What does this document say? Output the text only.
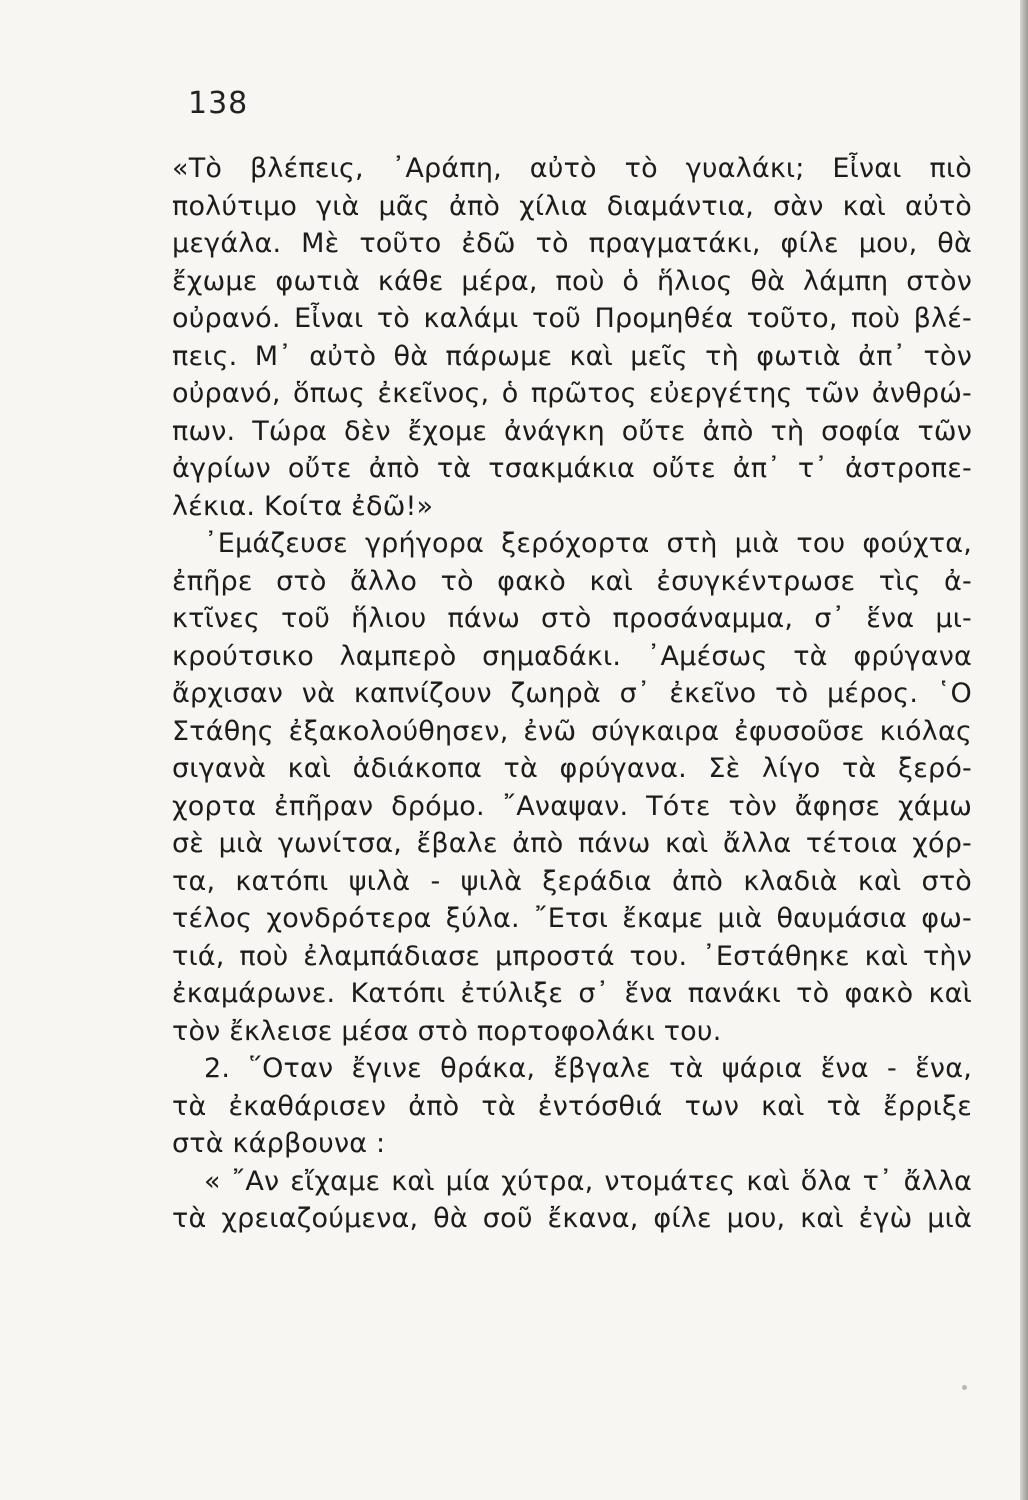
138
«Τὸ βλέπεις, ᾿Αράπη, αὐτὸ τὸ γυαλάκι; Εἶναι πιὸ
πολύτιμο γιὰ μᾶς ἀπὸ χίλια διαμάντια, σὰν καὶ αὐτὸ
μεγάλα. Μὲ τοῦτο ἐδῶ τὸ πραγματάκι, φίλε μου, θὰ
ἔχωμε φωτιὰ κάθε μέρα, ποὺ ὁ ἥλιος θὰ λάμπη στὸν
οὐρανό. Εἶναι τὸ καλάμι τοῦ Προμηθέα τοῦτο, ποὺ βλέ-
πεις. Μ᾿ αὐτὸ θὰ πάρωμε καὶ μεῖς τὴ φωτιὰ ἀπ᾿ τὸν
οὐρανό, ὅπως ἐκεῖνος, ὁ πρῶτος εὐεργέτης τῶν ἀνθρώ-
πων. Τώρα δὲν ἔχομε ἀνάγκη οὔτε ἀπὸ τὴ σοφία τῶν
ἀγρίων οὔτε ἀπὸ τὰ τσακμάκια οὔτε ἀπ᾿ τ᾿ ἀστροπε-
λέκια. Κοίτα ἐδῶ!»
᾿Εμάζευσε γρήγορα ξερόχορτα στὴ μιὰ του φούχτα,
ἐπῆρε στὸ ἄλλο τὸ φακὸ καὶ ἐσυγκέντρωσε τὶς ἀ-
κτῖνες τοῦ ἥλιου πάνω στὸ προσάναμμα, σ᾿ ἕνα μι-
κρούτσικο λαμπερὸ σημαδάκι. ᾿Αμέσως τὰ φρύγανα
ἄρχισαν νὰ καπνίζουν ζωηρὰ σ᾿ ἐκεῖνο τὸ μέρος. ῾Ο
Στάθης ἐξακολούθησεν, ἐνῶ σύγκαιρα ἐφυσοῦσε κιόλας
σιγανὰ καὶ ἀδιάκοπα τὰ φρύγανα. Σὲ λίγο τὰ ξερό-
χορτα ἐπῆραν δρόμο. ῎Αναψαν. Τότε τὸν ἄφησε χάμω
σὲ μιὰ γωνίτσα, ἔβαλε ἀπὸ πάνω καὶ ἄλλα τέτοια χόρ-
τα, κατόπι ψιλὰ - ψιλὰ ξεράδια ἀπὸ κλαδιὰ καὶ στὸ
τέλος χονδρότερα ξύλα. ῎Ετσι ἔκαμε μιὰ θαυμάσια φω-
τιά, ποὺ ἐλαμπάδιασε μπροστά του. ᾿Εστάθηκε καὶ τὴν
ἐκαμάρωνε. Κατόπι ἐτύλιξε σ᾿ ἕνα πανάκι τὸ φακὸ καὶ
τὸν ἔκλεισε μέσα στὸ πορτοφολάκι του.
2. ῞Οταν ἔγινε θράκα, ἔβγαλε τὰ ψάρια ἕνα - ἕνα,
τὰ ἐκαθάρισεν ἀπὸ τὰ ἐντόσθιά των καὶ τὰ ἔρριξε
στὰ κάρβουνα :
« ῎Αν εἴχαμε καὶ μία χύτρα, ντομάτες καὶ ὅλα τ᾿ ἄλλα
τὰ χρειαζούμενα, θὰ σοῦ ἔκανα, φίλε μου, καὶ ἐγὼ μιὰ
